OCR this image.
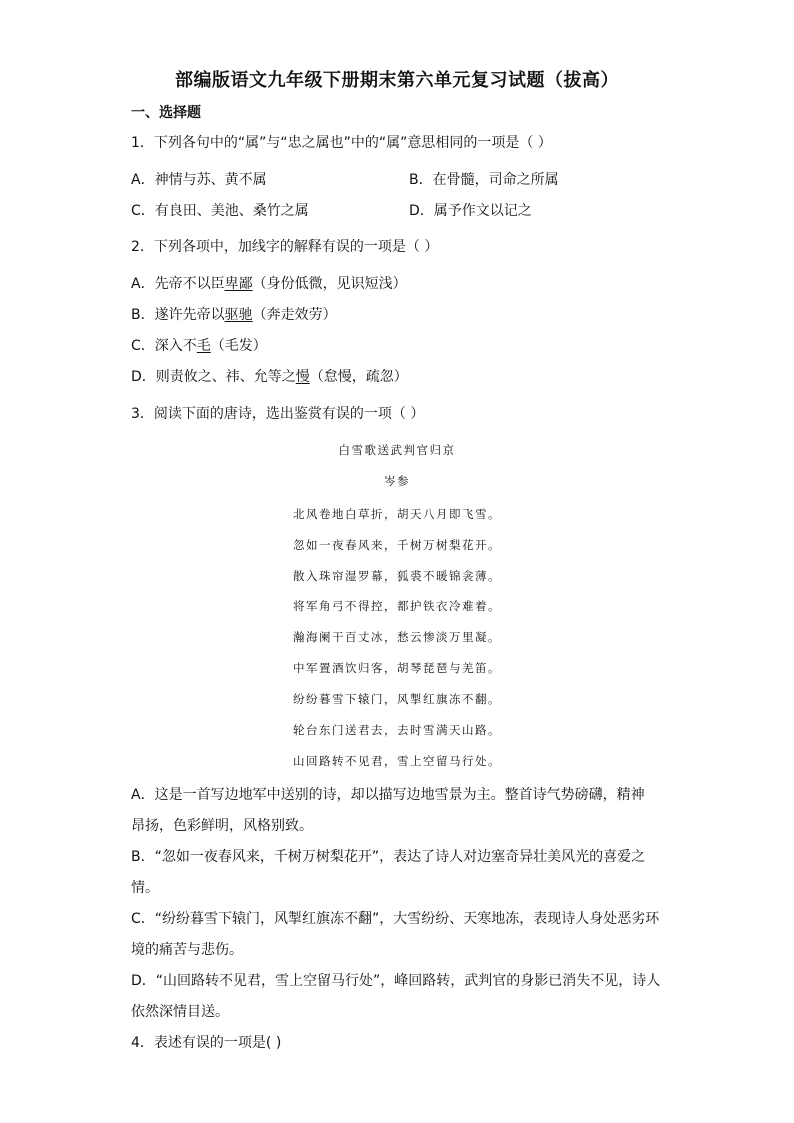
部编版语文九年级下册期末第六单元复习试题（拔高）
一、选择题
1．下列各句中的“属”与“忠之属也”中的“属”意思相同的一项是（ ）
A．神情与苏、黄不属	B．在骨髓，司命之所属
C．有良田、美池、桑竹之属	D．属予作文以记之
2．下列各项中，加线字的解释有误的一项是（ ）
A．先帝不以臣卑鄙（身份低微，见识短浅）
B．遂许先帝以驱驰（奔走效劳）
C．深入不毛（毛发）
D．则责攸之、祎、允等之慢（怠慢，疏忽）
3．阅读下面的唐诗，选出鉴赏有误的一项（ ）
白雪歌送武判官归京
岑参
北风卷地白草折，胡天八月即飞雪。
忽如一夜春风来，千树万树梨花开。
散入珠帘湿罗幕，狐裘不暖锦衾薄。
将军角弓不得控，都护铁衣冷难着。
瀚海阑干百丈冰，愁云惨淡万里凝。
中军置酒饮归客，胡琴琵琶与羌笛。
纷纷暮雪下辕门，风掣红旗冻不翻。
轮台东门送君去，去时雪满天山路。
山回路转不见君，雪上空留马行处。
A．这是一首写边地军中送别的诗，却以描写边地雪景为主。整首诗气势磅礴，精神
昂扬，色彩鲜明，风格别致。
B．“忽如一夜春风来，千树万树梨花开”，表达了诗人对边塞奇异壮美风光的喜爱之
情。
C．“纷纷暮雪下辕门，风掣红旗冻不翻”，大雪纷纷、天寒地冻，表现诗人身处恶劣环
境的痛苦与悲伤。
D．“山回路转不见君，雪上空留马行处”，峰回路转，武判官的身影已消失不见，诗人
依然深情目送。
4．表述有误的一项是( )
